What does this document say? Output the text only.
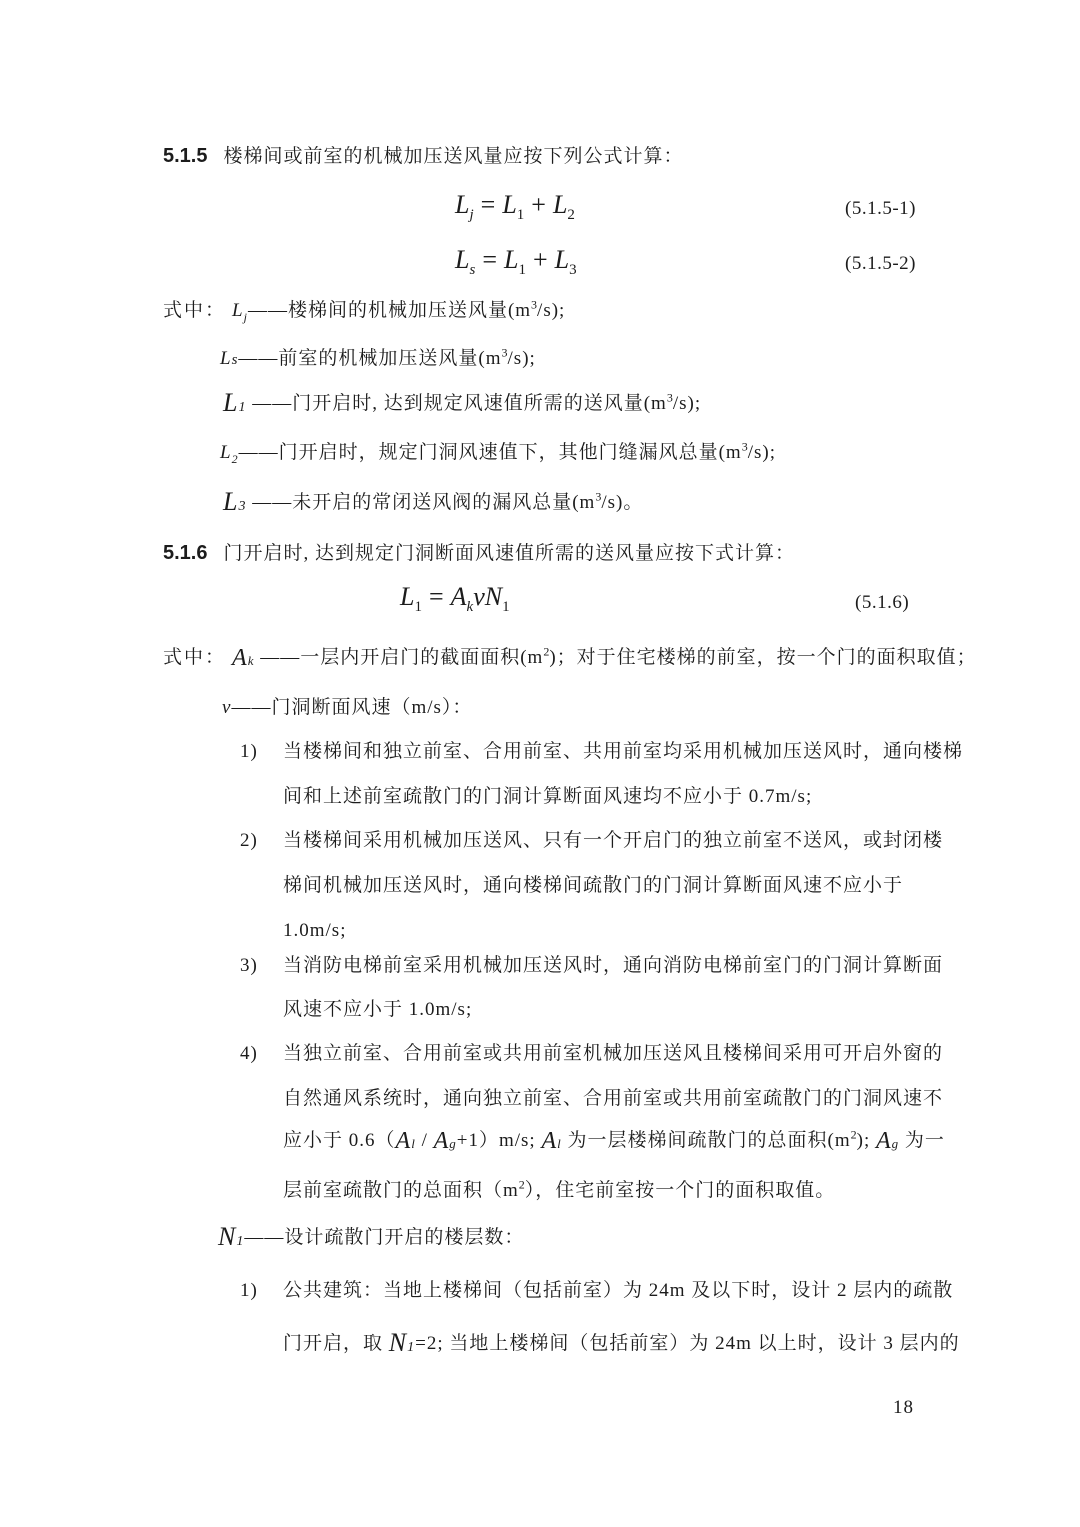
5.1.5 楼梯间或前室的机械加压送风量应按下列公式计算：
$L_j = L_1 + L_2$	(5.1.5-1)
$L_s = L_1 + L_3$	(5.1.5-2)
式中： $L_j——$楼梯间的机械加压送风量$(m^3/s)$;
Ls——前室的机械加压送风量$(m^3/s)$;
$L_1$ ——门开启时, 达到规定风速值所需的送风量$(m^3/s)$;
$L_2——$门开启时，规定门洞风速值下，其他门缝漏风总量$(m^3/s)$;
$L_3$ ——未开启的常闭送风阀的漏风总量$(m^3/s)$。
5.1.6 门开启时, 达到规定门洞断面风速值所需的送风量应按下式计算：
$L_1 = A_kvN_1$	(5.1.6)
式中： $A_k$ ——一层内开启门的截面面积$(m^2)$；对于住宅楼梯的前室，按一个门的面积取值；
v——门洞断面风速（m/s）：
1) 当楼梯间和独立前室、合用前室、共用前室均采用机械加压送风时，通向楼梯
间和上述前室疏散门的门洞计算断面风速均不应小于 0.7m/s;
2) 当楼梯间采用机械加压送风、只有一个开启门的独立前室不送风，或封闭楼
梯间机械加压送风时，通向楼梯间疏散门的门洞计算断面风速不应小于
1.0m/s;
3) 当消防电梯前室采用机械加压送风时，通向消防电梯前室门的门洞计算断面
风速不应小于 1.0m/s;
4) 当独立前室、合用前室或共用前室机械加压送风且楼梯间采用可开启外窗的
自然通风系统时，通向独立前室、合用前室或共用前室疏散门的门洞风速不
应小于 $0.6(A_l / A_g+1)m/s$; $A_l$ 为一层楼梯间疏散门的总面积$(m^2)$; $A_g$ 为一
层前室疏散门的总面积$(m^2)$，住宅前室按一个门的面积取值。
$N_1——$设计疏散门开启的楼层数：
1) 公共建筑：当地上楼梯间（包括前室）为 24m 及以下时，设计 2 层内的疏散
门开启，取 $N_1=2$; 当地上楼梯间（包括前室）为 24m 以上时，设计 3 层内的
18
